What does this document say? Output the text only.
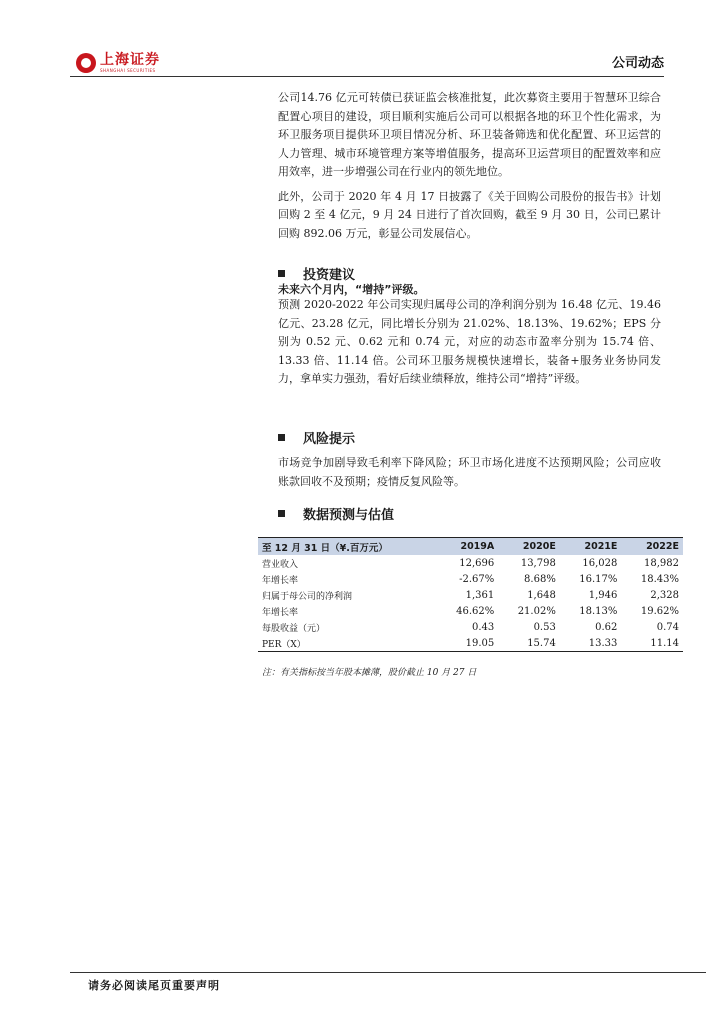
上海证券
SHANGHAI SECURITIES	公司动态

公司14.76 亿元可转债已获证监会核准批复，此次募资主要用于智慧环卫综合配置心项目的建设，项目顺利实施后公司可以根据各地的环卫个性化需求，为环卫服务项目提供环卫项目情况分析、环卫装备筛选和优化配置、环卫运营的人力管理、城市环境管理方案等增值服务，提高环卫运营项目的配置效率和应用效率，进一步增强公司在行业内的领先地位。

此外，公司于 2020 年 4 月 17 日披露了《关于回购公司股份的报告书》计划回购 2 至 4 亿元，9 月 24 日进行了首次回购，截至 9 月 30 日，公司已累计回购 892.06 万元，彰显公司发展信心。

投资建议
未来六个月内，“增持”评级。

预测 2020-2022 年公司实现归属母公司的净利润分别为 16.48 亿元、19.46 亿元、23.28 亿元，同比增长分别为 21.02%、18.13%、19.62%；EPS 分别为 0.52 元、0.62 元和 0.74 元，对应的动态市盈率分别为 15.74 倍、13.33 倍、11.14 倍。公司环卫服务规模快速增长，装备+服务业务协同发力，拿单实力强劲，看好后续业绩释放，维持公司“增持”评级。

风险提示

市场竞争加剧导致毛利率下降风险；环卫市场化进度不达预期风险；公司应收账款回收不及预期；疫情反复风险等。

数据预测与估值
至 12 月 31 日（¥.百万元）	2019A	2020E	2021E	2022E
营业收入	12,696	13,798	16,028	18,982
年增长率	-2.67%	8.68%	16.17%	18.43%
归属于母公司的净利润	1,361	1,648	1,946	2,328
年增长率	46.62%	21.02%	18.13%	19.62%
每股收益（元）	0.43	0.53	0.62	0.74
PER（X）	19.05	15.74	13.33	11.14
注：有关指标按当年股本摊薄，股价截止 10 月 27 日
请务必阅读尾页重要声明
